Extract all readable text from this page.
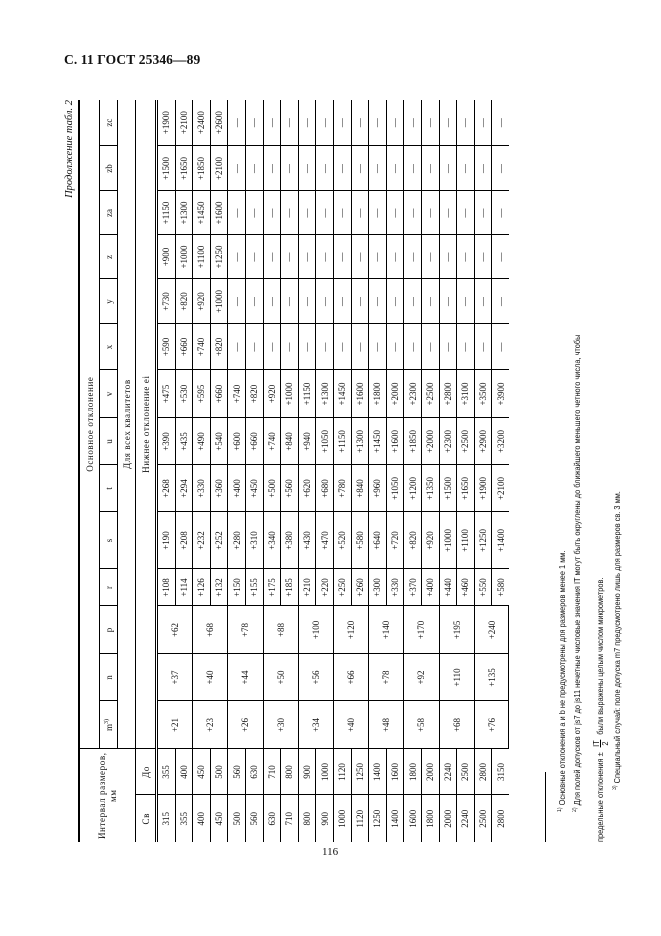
С. 11 ГОСТ 25346—89
Продолжение табл. 2
Интервал размеров, мм		Основное отклонение													
		$m^{3)}$	n	p	r	s	t	u	v	x	y	z	za	zb	zc
		Для всех квалитетов													
Св	До	Нижнее отклонение ei													
315	355	+21	+37	+62	+108	+190	+268	+390	+475	+590	+730	+900	+1150	+1500	+1900
355	400				+114	+208	+294	+435	+530	+660	+820	+1000	+1300	+1650	+2100
400	450	+23	+40	+68	+126	+232	+330	+490	+595	+740	+920	+1100	+1450	+1850	+2400
450	500				+132	+252	+360	+540	+660	+820	+1000	+1250	+1600	+2100	+2600
500	560	+26	+44	+78	+150	+280	+400	+600	+740	—	—	—	—	—	—
560	630				+155	+310	+450	+660	+820	—	—	—	—	—	—
630	710	+30	+50	+88	+175	+340	+500	+740	+920	—	—	—	—	—	—
710	800				+185	+380	+560	+840	+1000	—	—	—	—	—	—
800	900	+34	+56	+100	+210	+430	+620	+940	+1150	—	—	—	—	—	—
900	1000				+220	+470	+680	+1050	+1300	—	—	—	—	—	—
1000	1120	+40	+66	+120	+250	+520	+780	+1150	+1450	—	—	—	—	—	—
1120	1250				+260	+580	+840	+1300	+1600	—	—	—	—	—	—
1250	1400	+48	+78	+140	+300	+640	+960	+1450	+1800	—	—	—	—	—	—
1400	1600				+330	+720	+1050	+1600	+2000	—	—	—	—	—	—
1600	1800	+58	+92	+170	+370	+820	+1200	+1850	+2300	—	—	—	—	—	—
1800	2000				+400	+920	+1350	+2000	+2500	—	—	—	—	—	—
2000	2240	+68	+110	+195	+440	+1000	+1500	+2300	+2800	—	—	—	—	—	—
2240	2500				+460	+1100	+1650	+2500	+3100	—	—	—	—	—	—
2500	2800	+76	+135	+240	+550	+1250	+1900	+2900	+3500	—	—	—	—	—	—
2800	3150				+580	+1400	+2100	+3200	+3900	—	—	—	—	—	—
$^{1)}$ Основные отклонения a и b не предусмотрены для размеров менее 1 мм.
$^{2)}$ Для полей допусков от js7 до js11 нечетные числовые значения IT могут быть округлены до ближайшего меньшего четного числа, чтобы	предельные отклонения ±
IT 2
были выражены целым числом микрометров.
$^{3)}$ Специальный случай: поле допуска m7 предусмотрено лишь для размеров св. 3 мм.
116
